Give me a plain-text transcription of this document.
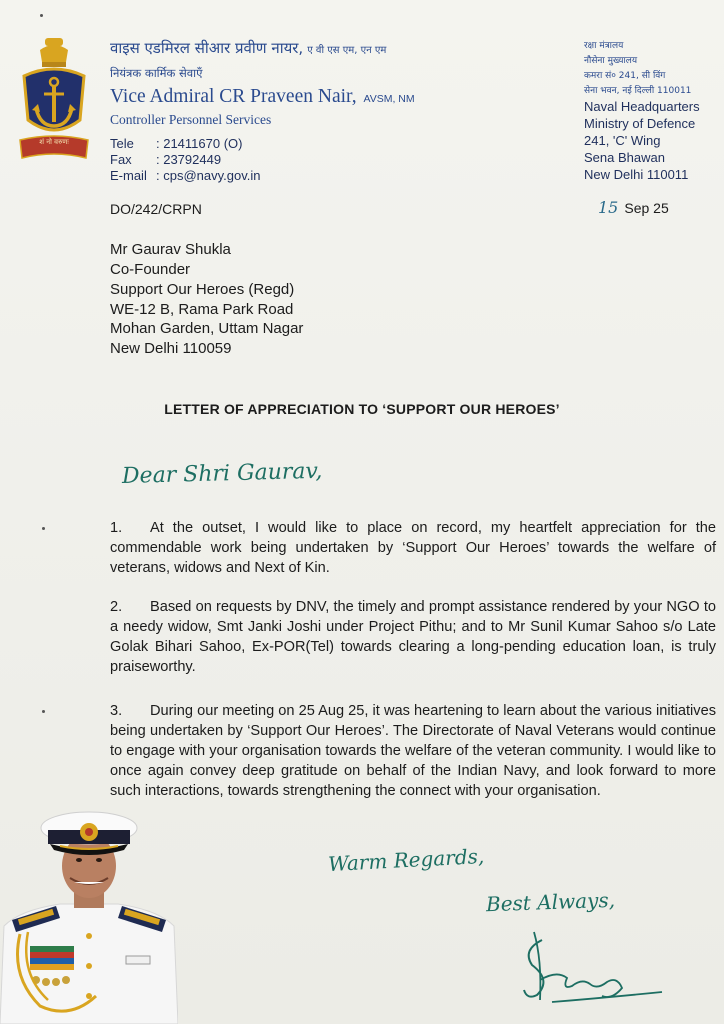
शं नो वरुणः
वाइस एडमिरल सीआर प्रवीण नायर, ए वी एस एम, एन एम
नियंत्रक कार्मिक सेवाएँ
Vice Admiral CR Praveen Nair, AVSM, NM
Controller Personnel Services
Tele : 21411670 (O)
Fax : 23792449
E-mail : cps@navy.gov.in
रक्षा मंत्रालय
नौसेना मुख्यालय
कमरा सं० 241, सी विंग
सेना भवन, नई दिल्ली 110011
Naval Headquarters
Ministry of Defence
241, 'C' Wing
Sena Bhawan
New Delhi 110011
DO/242/CRPN	15 Sep 25
Mr Gaurav Shukla
Co-Founder
Support Our Heroes (Regd)
WE-12 B, Rama Park Road
Mohan Garden, Uttam Nagar
New Delhi 110059
LETTER OF APPRECIATION TO ‘SUPPORT OUR HEROES’
Dear Shri Gaurav,
1. At the outset, I would like to place on record, my heartfelt appreciation for the commendable work being undertaken by ‘Support Our Heroes’ towards the welfare of veterans, widows and Next of Kin.
2. Based on requests by DNV, the timely and prompt assistance rendered by your NGO to a needy widow, Smt Janki Joshi under Project Pithu; and to Mr Sunil Kumar Sahoo s/o Late Golak Bihari Sahoo, Ex-POR(Tel) towards clearing a long-pending education loan, is truly praiseworthy.
3. During our meeting on 25 Aug 25, it was heartening to learn about the various initiatives being undertaken by ‘Support Our Heroes’. The Directorate of Naval Veterans would continue to engage with your organisation towards the welfare of the veteran community. I would like to once again convey deep gratitude on behalf of the Indian Navy, and look forward to more such interactions, towards strengthening the connect with your organisation.
Warm Regards,
Best Always,
